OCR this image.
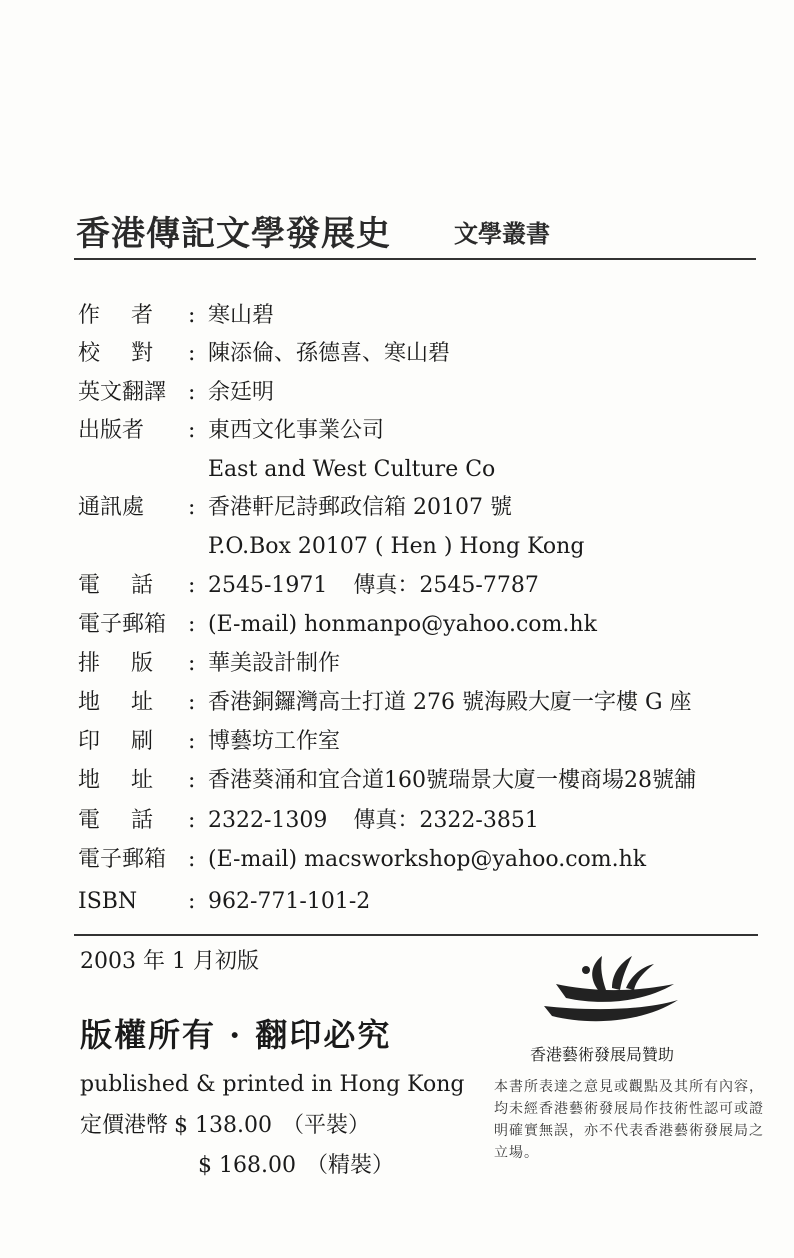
香港傳記文學發展史	文學叢書
作 者 : 寒山碧
校 對 : 陳添倫、孫德喜、寒山碧
英文翻譯 : 余廷明
出版者 : 東西文化事業公司
East and West Culture Co
通訊處 : 香港軒尼詩郵政信箱 20107 號
P.O.Box 20107 ( Hen ) Hong Kong
電 話 : 2545-1971 傳真：2545-7787
電子郵箱 : (E-mail) honmanpo@yahoo.com.hk
排 版 : 華美設計制作
地 址 : 香港銅鑼灣高士打道 276 號海殿大廈一字樓 G 座
印 刷 : 博藝坊工作室
地 址 : 香港葵涌和宜合道160號瑞景大廈一樓商場28號舖
電 話 : 2322-1309 傳真：2322-3851
電子郵箱 : (E-mail) macsworkshop@yahoo.com.hk
ISBN : 962-771-101-2
2003 年 1 月初版
版權所有 · 翻印必究
published & printed in Hong Kong
定價港幣 $ 138.00 （平裝）
$ 168.00 （精裝）
香港藝術發展局贊助
本書所表達之意見或觀點及其所有內容，均未經香港藝術發展局作技術性認可或證明確實無誤，亦不代表香港藝術發展局之立場。
